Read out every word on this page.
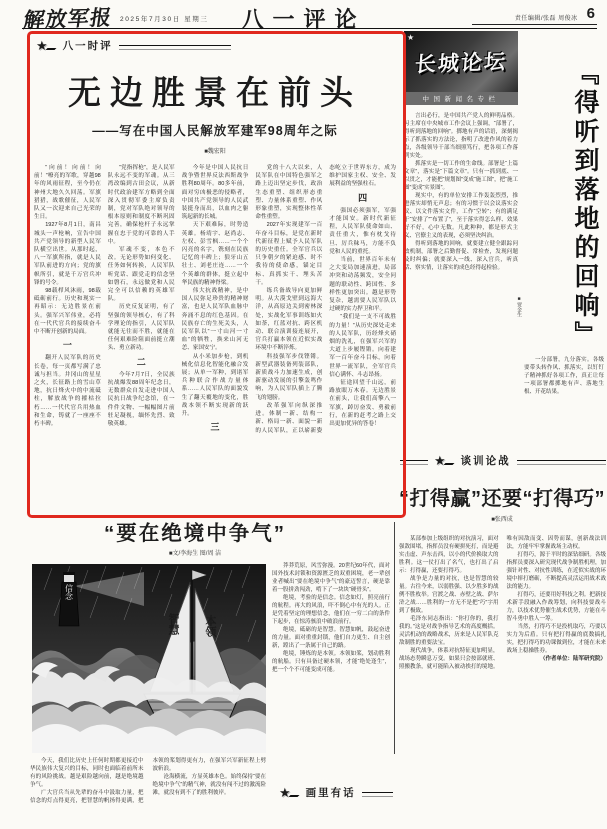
解放军报 2025年7月30日 星期三 八一评论	责任编辑/张磊 周俊冰 6
★ 八一时评
无边胜景在前头
——写在中国人民解放军建军98周年之际
■魏宏阳

“向前！向前！向前！”嘹亮的军歌，穿越98年的风雨征程，至今仍在神州大地久久回荡。军旗猎猎，战歌催征，人民军队又一次迎来自己光荣的生日。

1927年8月1日，南昌城头一声枪响，宣告中国共产党领导的新型人民军队横空出世。从那时起，八一军旗所指，就是人民军队前进的方向；党的旗帜所引，就是千万官兵冲锋的号令。

98载栉风沐雨，98载砥砺前行。历史和现实一再昭示：无边胜景在前头。强军兴军伟业，必将在一代代官兵的接续奋斗中不断开创新的局面。

一

翻开人民军队的历史长卷，每一页都写满了忠诚与担当。井冈山的星星之火，长征路上的雪山草地，抗日烽火中的中流砥柱，解放战争的摧枯拉朽……一代代官兵用热血和生命，铸就了一座座不朽丰碑。

“党指挥枪”，是人民军队永远不变的军魂。从三湾改编到古田会议，从新时代政治建军方略到全面深入贯彻军委主席负责制，党对军队绝对领导的根本原则和制度不断巩固完善，确保枪杆子永远掌握在忠于党的可靠的人手中。

军魂不变，本色不改。无论形势如何变化、任务如何转换，人民军队听党话、跟党走的信念坚如磐石，永远做党和人民完全可以信赖的英雄军队。

历史反复证明，有了坚强的领导核心，有了科学理论的指引，人民军队就能无往而不胜，就能在任何艰难险阻面前挺立潮头、勇立新功。

二

今年7月7日，全民族抗战爆发88周年纪念日，无数群众自发走进中国人民抗日战争纪念馆，在一件件文物、一幅幅图片前驻足凝视，缅怀先烈、致敬英雄。

今年是中国人民抗日战争暨世界反法西斯战争胜利80周年。80多年前，面对穷凶极恶的侵略者，中国共产党领导的人民武装挺身而出，以血肉之躯筑起新的长城。

天下艰难际，时势造英雄。杨靖宇、赵尚志、左权、彭雪枫……一个个闪亮的名字，镌刻在民族记忆的丰碑上；狼牙山五壮士、刘老庄连……一个个英雄的群体，挺立起中华民族的精神脊梁。

伟大抗战精神，是中国人民弥足珍贵的精神财富，也是人民军队血脉中奔涌不息的红色基因。在民族存亡的生死关头，人民军队以“一寸山河一寸血”的牺牲，换来山河无恙、家国安宁。

从小米加步枪，到机械化信息化智能化融合发展；从单一军种，到诸军兵种联合作战力量体系……人民军队的面貌发生了翻天覆地的变化，胜战本领不断实现新的跃升。

三

党的十八大以来，人民军队在中国特色强军之路上迈出坚定步伐，政治生态重塑、组织形态重塑、力量体系重塑、作风形象重塑，实现整体性革命性重塑。

2027年实现建军一百年奋斗目标，是党在新时代新征程上赋予人民军队的历史重任。全军官兵以只争朝夕的紧迫感、时不我待的使命感，锚定目标、真抓实干、埋头苦干。

练兵备战导向更加鲜明。从大漠戈壁到远海大洋，从高原边关到密林深处，实战化军事训练如火如荼，红蓝对抗、跨区机动、联合演训接连展开，官兵打赢本领在近似实战环境中不断淬炼。

科技强军步伐铿锵。新型武器装备列装部队，新质战斗力加速生成，创新驱动发展的引擎轰鸣作响，为人民军队插上了腾飞的翅膀。

改革强军向纵深推进。体制一新、结构一新、格局一新、面貌一新的人民军队，正以崭新姿态屹立于世界东方，成为维护国家主权、安全、发展利益的坚强柱石。

四

强国必须强军，军强才能国安。新时代新征程，人民军队使命如山、责任重大，惟有枕戈待旦、厉兵秣马，方能不负党和人民的重托。

当前，世界百年未有之大变局加速演进，局部冲突和动荡频发，安全问题的联动性、跨国性、多样性更加突出。越是形势复杂，越需要人民军队以过硬的实力捍卫和平。

“我们是一支不可战胜的力量！”从历史深处走来的人民军队，历经烽火硝烟的洗礼，在强军兴军的大道上步履铿锵。向着建军一百年奋斗目标，向着世界一流军队，全军官兵信心满怀、斗志昂扬。

征途回望千山远，前路放眼万木春。无边胜景在前头，让我们高擎八一军旗，踔厉奋发、勇毅前行，在新的赶考之路上交出更加优异的答卷！

★
长城论坛
中国新闻名专栏

言出必行，是中国共产党人的鲜明品格。习主席在中央城市工作会议上强调，“部署了，得听到落地的回响”。掷地有声的话语，深刻揭示了抓落实的方法论，指明了改进作风的着力点，各级领导干部当细照笃行，把各项工作落到实处。

抓落实是一切工作的生命线。部署是“上篇文章”，落实是“下篇文章”。只有一抓到底、一以贯之，才能把“规划图”变成“施工图”，把“施工图”变成“实景图”。

现实中，有的单位安排工作轰轰烈烈，推进落实却悄无声息；有的习惯于以会议落实会议、以文件落实文件，工作“空转”；有的满足于“安排了”“布置了”，至于落实得怎么样、效果好不好，心中无数。凡此种种，都是形式主义、官僚主义的表现，必须坚决纠治。

得听到落地的回响，就要建立健全跟踪问效机制，部署之后勤督促、常检查，发现问题及时纠偏；就要深入一线、深入官兵，听真话、察实情，让落实的成色经得起检验。	『得听到落地的回响』
■贾金生

一分部署，九分落实。各级要带头转作风、抓落实，以钉钉子精神抓好各项工作，真正让每一项部署都掷地有声、落地生根、开花结果。

★ 谈训论战
“打得赢”还要“打得巧”
■张西成

某部参加上级组织的对抗演习，面对强敌围堵，指挥员没有硬拼死打，而是避实击虚、声东击西，以小的代价换取大的胜利。这一仗打出了名气，也打出了启示：打得赢，还要打得巧。

战争是力量的对抗，也是智慧的较量。古往今来，以弱胜强、以少胜多的战例不胜枚举。官渡之战、赤壁之战、萨尔浒之战……胜利的一方无不是把“巧”字用到了极致。

毛泽东同志指出：“你打你的，我打我的。”这是对战争指导艺术的高度概括。灵活机动的战略战术，历来是人民军队克敌制胜的重要法宝。

现代战争，体系对抗特征更加明显，战场态势瞬息万变。如果只会按部就班、照搬教条，就可能陷入被动挨打的境地。唯有因敌而变、因势而谋，创新战法训法，方能牢牢掌握战场主动权。

打得巧，源于平时的深钻细研。各级指挥员要深入研究现代战争制胜机理，加强针对性、对抗性训练，在近似实战的环境中摔打磨砺，不断提高灵活运用战术战法的能力。

打得巧，还要用好科技之利。把新技术新手段融入作战筹划，向科技要战斗力，以技术优势催生战术优势，方能在斗智斗勇中胜人一筹。

当然，打得巧不是投机取巧，巧要以实力为后盾。只有把打得赢的底数搞扎实，把打得巧的功课做到位，才能在未来战场上稳操胜券。

（作者单位：陆军研究院）

“要在绝境中争气”
■文/李海生 图/周 洁
信念
智慧 本领

莽莽荒原，风雪弥漫。20世纪60年代，面对国外技术封锁和资源匮乏的双重困境，老一辈创业者喊出“要在绝境中争气”的豪迈誓言，硬是靠着一股拼劲闯劲，啃下了一块块“硬骨头”。

绝境，考验的是信念。信念如灯，照亮前行的航程。再大的风浪，吓不倒心中有光的人。正是凭着坚定的理想信念，他们在一穷二白的条件下起步，在惊涛骇浪中破浪前行。

绝境，砥砺的是智慧。智慧如帆，鼓起奋进的力量。面对重重封锁，他们自力更生、自主创新，蹚出了一条属于自己的路。

绝境，锤炼的是本领。本领如桨，划动胜利的航船。只有具备过硬本领，才能“绝处逢生”，把一个个不可能变成可能。

今天，我们比历史上任何时期都更接近中华民族伟大复兴的目标，同时也面临着前所未有的风险挑战。越是艰险越向前，越是绝境越争气。

广大官兵当从先辈的奋斗中汲取力量，把信念的灯点得更亮，把智慧的帆扬得更满，把本领的桨划得更有力，在强军兴军新征程上劈波斩浪。

沧海横流，方显英雄本色。始终保持“要在绝境中争气”的精气神，就没有闯不过的激流险滩，就没有到不了的胜利彼岸。	★ 画里有话
